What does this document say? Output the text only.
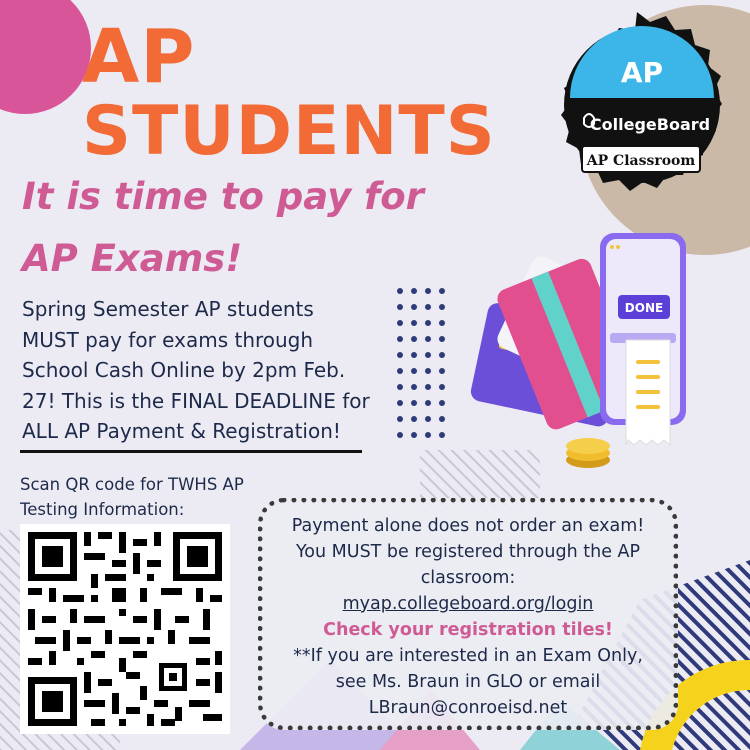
AP
STUDENTS
It is time to pay for
AP Exams!
Spring Semester AP students
MUST pay for exams through
School Cash Online by 2pm Feb.
27! This is the FINAL DEADLINE for
ALL AP Payment & Registration!
AP
CollegeBoard
AP Classroom
DONE
Scan QR code for TWHS AP
Testing Information:

Payment alone does not order an exam!

You MUST be registered through the AP

classroom:

myap.collegeboard.org/login

Check your registration tiles!

**If you are interested in an Exam Only,

see Ms. Braun in GLO or email

LBraun@conroeisd.net
